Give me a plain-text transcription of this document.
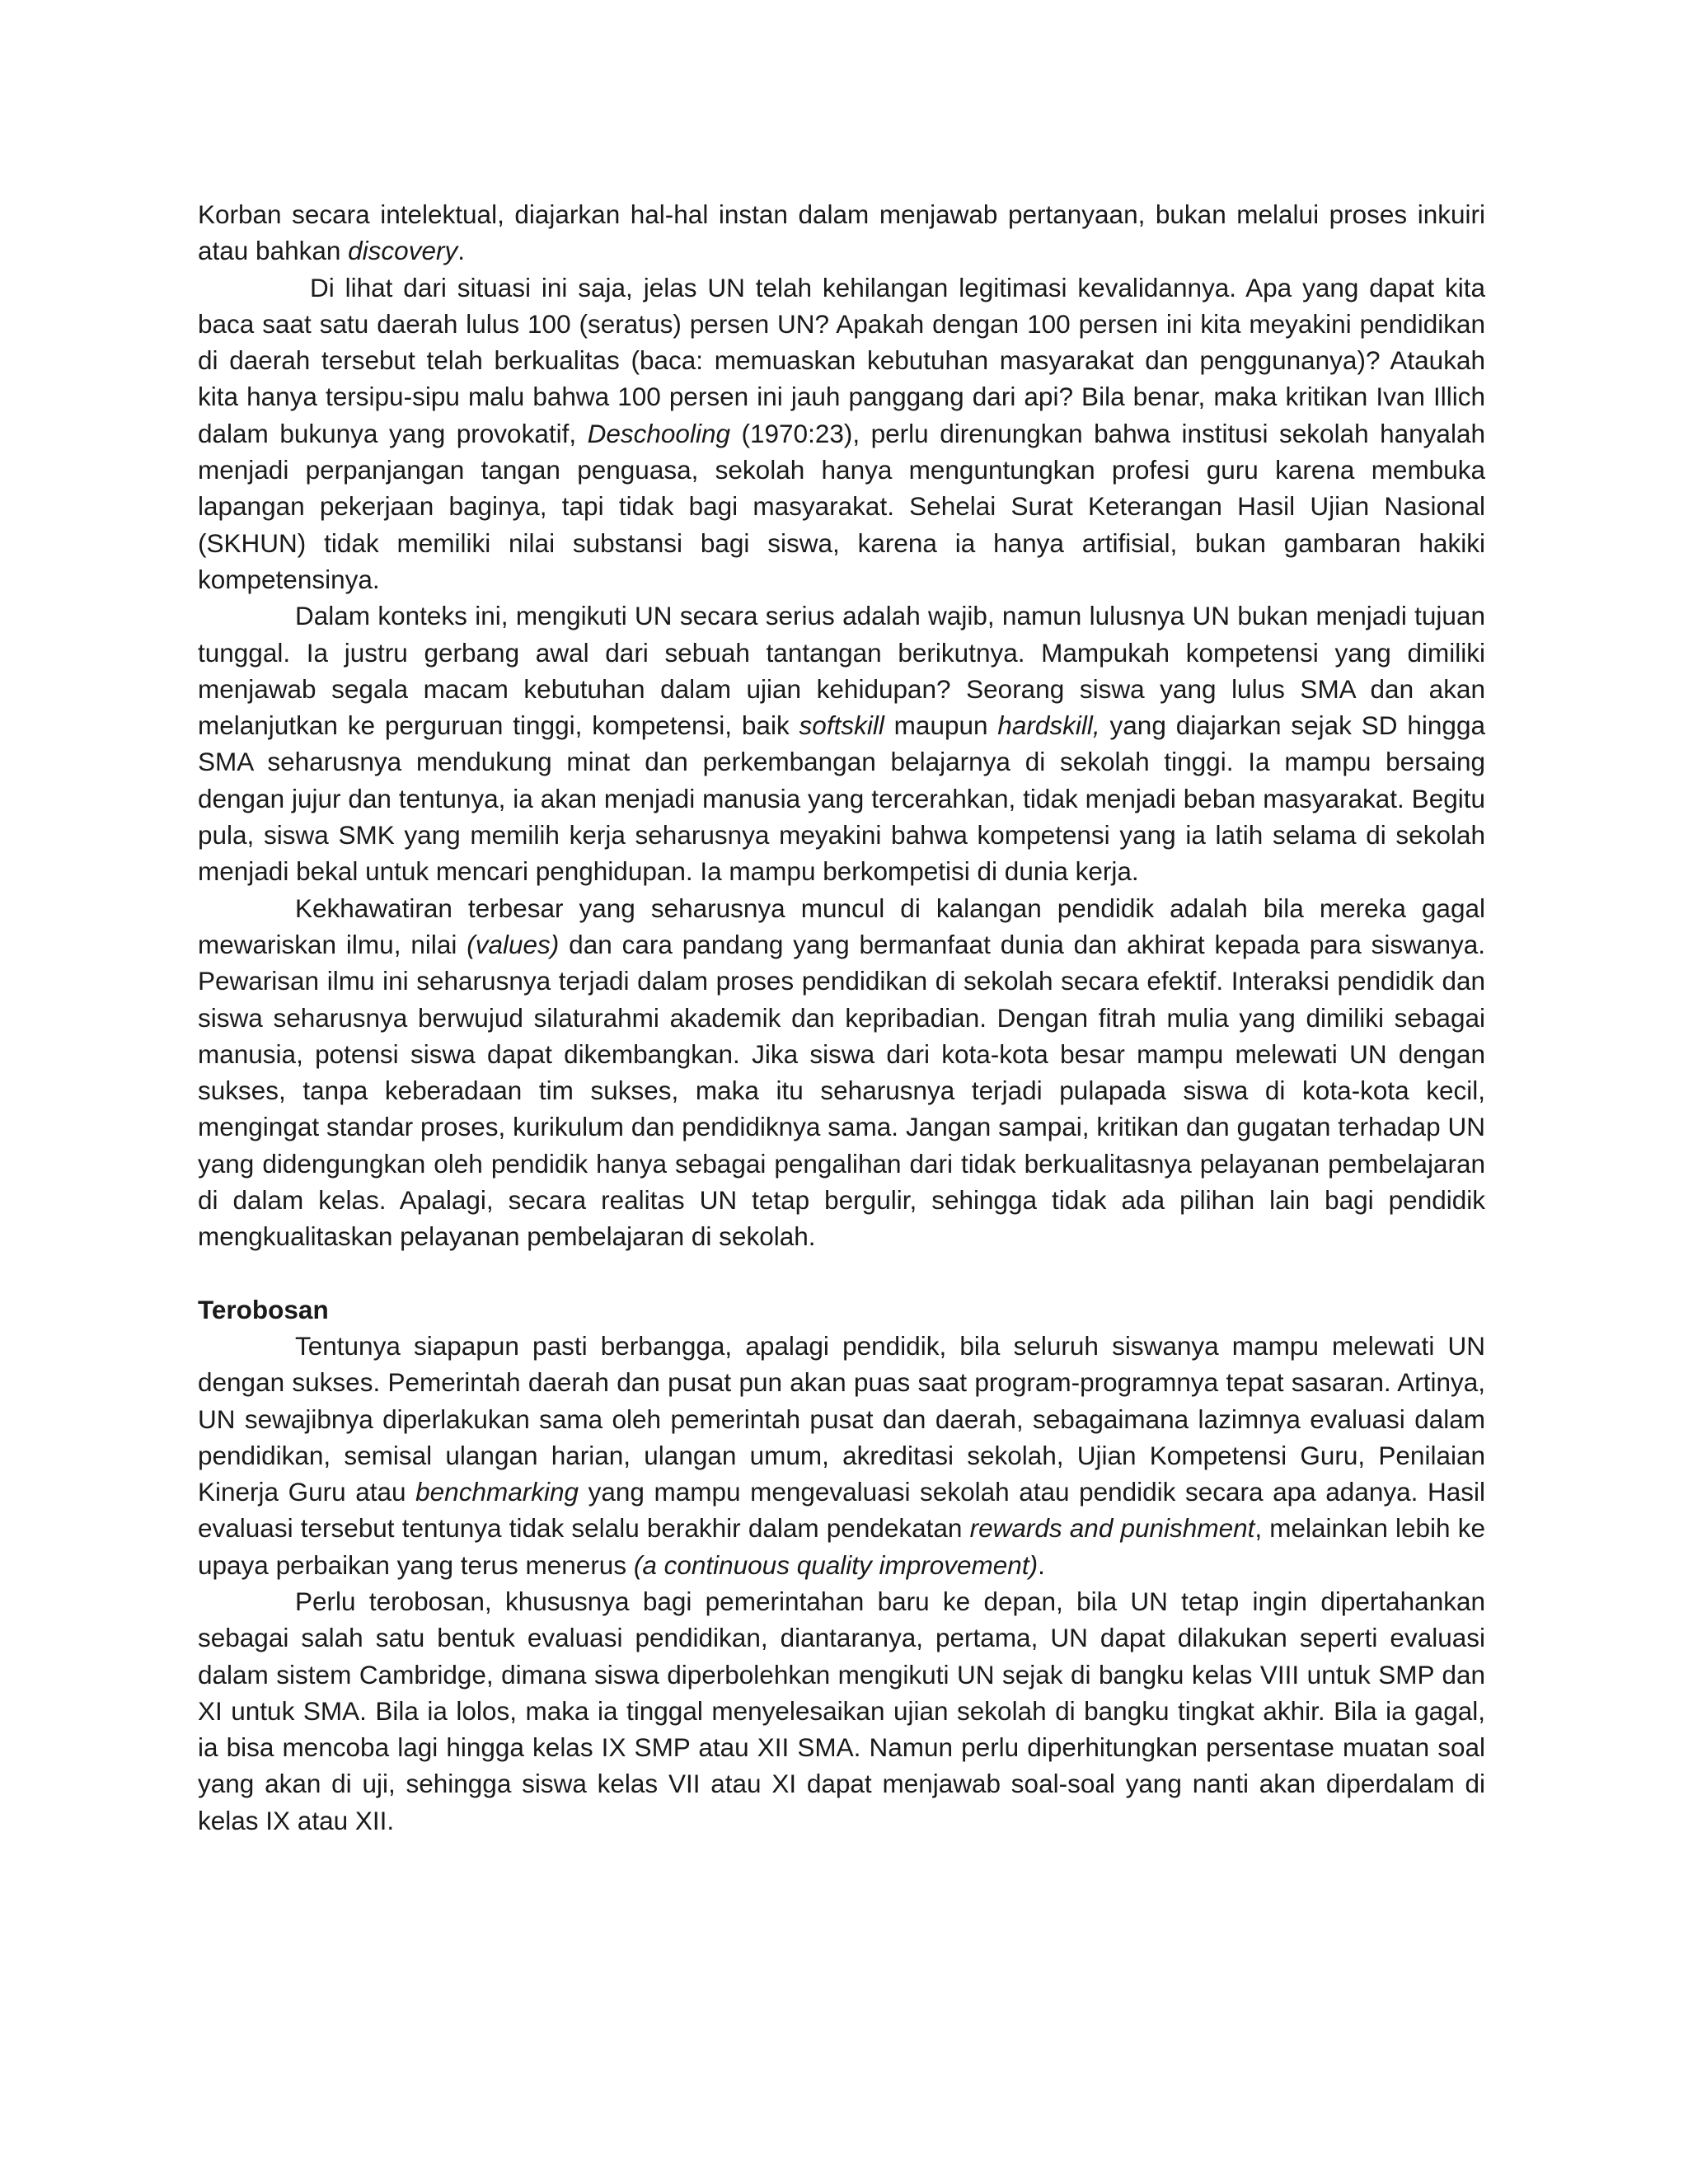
Korban secara intelektual, diajarkan hal-hal instan dalam menjawab pertanyaan, bukan melalui proses inkuiri atau bahkan discovery.

Di lihat dari situasi ini saja, jelas UN telah kehilangan legitimasi kevalidannya. Apa yang dapat kita baca saat satu daerah lulus 100 (seratus) persen UN? Apakah dengan 100 persen ini kita meyakini pendidikan di daerah tersebut telah berkualitas (baca: memuaskan kebutuhan masyarakat dan penggunanya)? Ataukah kita hanya tersipu-sipu malu bahwa 100 persen ini jauh panggang dari api? Bila benar, maka kritikan Ivan Illich dalam bukunya yang provokatif, Deschooling (1970:23), perlu direnungkan bahwa institusi sekolah hanyalah menjadi perpanjangan tangan penguasa, sekolah hanya menguntungkan profesi guru karena membuka lapangan pekerjaan baginya, tapi tidak bagi masyarakat. Sehelai Surat Keterangan Hasil Ujian Nasional (SKHUN) tidak memiliki nilai substansi bagi siswa, karena ia hanya artifisial, bukan gambaran hakiki kompetensinya.

Dalam konteks ini, mengikuti UN secara serius adalah wajib, namun lulusnya UN bukan menjadi tujuan tunggal. Ia justru gerbang awal dari sebuah tantangan berikutnya. Mampukah kompetensi yang dimiliki menjawab segala macam kebutuhan dalam ujian kehidupan? Seorang siswa yang lulus SMA dan akan melanjutkan ke perguruan tinggi, kompetensi, baik softskill maupun hardskill, yang diajarkan sejak SD hingga SMA seharusnya mendukung minat dan perkembangan belajarnya di sekolah tinggi. Ia mampu bersaing dengan jujur dan tentunya, ia akan menjadi manusia yang tercerahkan, tidak menjadi beban masyarakat. Begitu pula, siswa SMK yang memilih kerja seharusnya meyakini bahwa kompetensi yang ia latih selama di sekolah menjadi bekal untuk mencari penghidupan. Ia mampu berkompetisi di dunia kerja.

Kekhawatiran terbesar yang seharusnya muncul di kalangan pendidik adalah bila mereka gagal mewariskan ilmu, nilai (values) dan cara pandang yang bermanfaat dunia dan akhirat kepada para siswanya. Pewarisan ilmu ini seharusnya terjadi dalam proses pendidikan di sekolah secara efektif. Interaksi pendidik dan siswa seharusnya berwujud silaturahmi akademik dan kepribadian. Dengan fitrah mulia yang dimiliki sebagai manusia, potensi siswa dapat dikembangkan. Jika siswa dari kota-kota besar mampu melewati UN dengan sukses, tanpa keberadaan tim sukses, maka itu seharusnya terjadi pulapada siswa di kota-kota kecil, mengingat standar proses, kurikulum dan pendidiknya sama. Jangan sampai, kritikan dan gugatan terhadap UN yang didengungkan oleh pendidik hanya sebagai pengalihan dari tidak berkualitasnya pelayanan pembelajaran di dalam kelas. Apalagi, secara realitas UN tetap bergulir, sehingga tidak ada pilihan lain bagi pendidik mengkualitaskan pelayanan pembelajaran di sekolah.

Terobosan

Tentunya siapapun pasti berbangga, apalagi pendidik, bila seluruh siswanya mampu melewati UN dengan sukses. Pemerintah daerah dan pusat pun akan puas saat program-programnya tepat sasaran. Artinya, UN sewajibnya diperlakukan sama oleh pemerintah pusat dan daerah, sebagaimana lazimnya evaluasi dalam pendidikan, semisal ulangan harian, ulangan umum, akreditasi sekolah, Ujian Kompetensi Guru, Penilaian Kinerja Guru atau benchmarking yang mampu mengevaluasi sekolah atau pendidik secara apa adanya. Hasil evaluasi tersebut tentunya tidak selalu berakhir dalam pendekatan rewards and punishment, melainkan lebih ke upaya perbaikan yang terus menerus (a continuous quality improvement).

Perlu terobosan, khususnya bagi pemerintahan baru ke depan, bila UN tetap ingin dipertahankan sebagai salah satu bentuk evaluasi pendidikan, diantaranya, pertama, UN dapat dilakukan seperti evaluasi dalam sistem Cambridge, dimana siswa diperbolehkan mengikuti UN sejak di bangku kelas VIII untuk SMP dan XI untuk SMA. Bila ia lolos, maka ia tinggal menyelesaikan ujian sekolah di bangku tingkat akhir. Bila ia gagal, ia bisa mencoba lagi hingga kelas IX SMP atau XII SMA. Namun perlu diperhitungkan persentase muatan soal yang akan di uji, sehingga siswa kelas VII atau XI dapat menjawab soal-soal yang nanti akan diperdalam di kelas IX atau XII.
